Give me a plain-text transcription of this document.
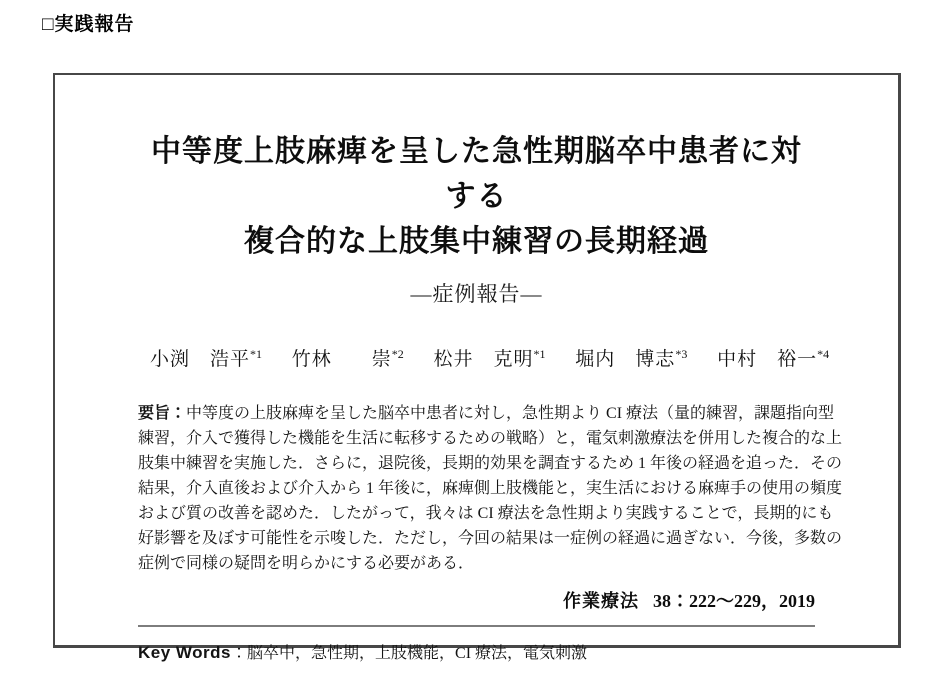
□実践報告
中等度上肢麻痺を呈した急性期脳卒中患者に対する
複合的な上肢集中練習の長期経過
―症例報告―
小渕　浩平$^{*1}$ 竹林　　崇$^{*2}$ 松井　克明$^{*1}$ 堀内　博志$^{*3}$ 中村　裕一$^{*4}$
要旨：中等度の上肢麻痺を呈した脳卒中患者に対し，急性期より CI 療法（量的練習，課題指向型
練習，介入で獲得した機能を生活に転移するための戦略）と，電気刺激療法を併用した複合的な上
肢集中練習を実施した．さらに，退院後，長期的効果を調査するため 1 年後の経過を追った．その
結果，介入直後および介入から 1 年後に，麻痺側上肢機能と，実生活における麻痺手の使用の頻度
および質の改善を認めた．したがって，我々は CI 療法を急性期より実践することで，長期的にも
好影響を及ぼす可能性を示唆した．ただし，今回の結果は一症例の経過に過ぎない．今後，多数の
症例で同様の疑問を明らかにする必要がある．
作業療法 38：222～229，2019
Key Words：脳卒中，急性期，上肢機能，CI 療法，電気刺激
